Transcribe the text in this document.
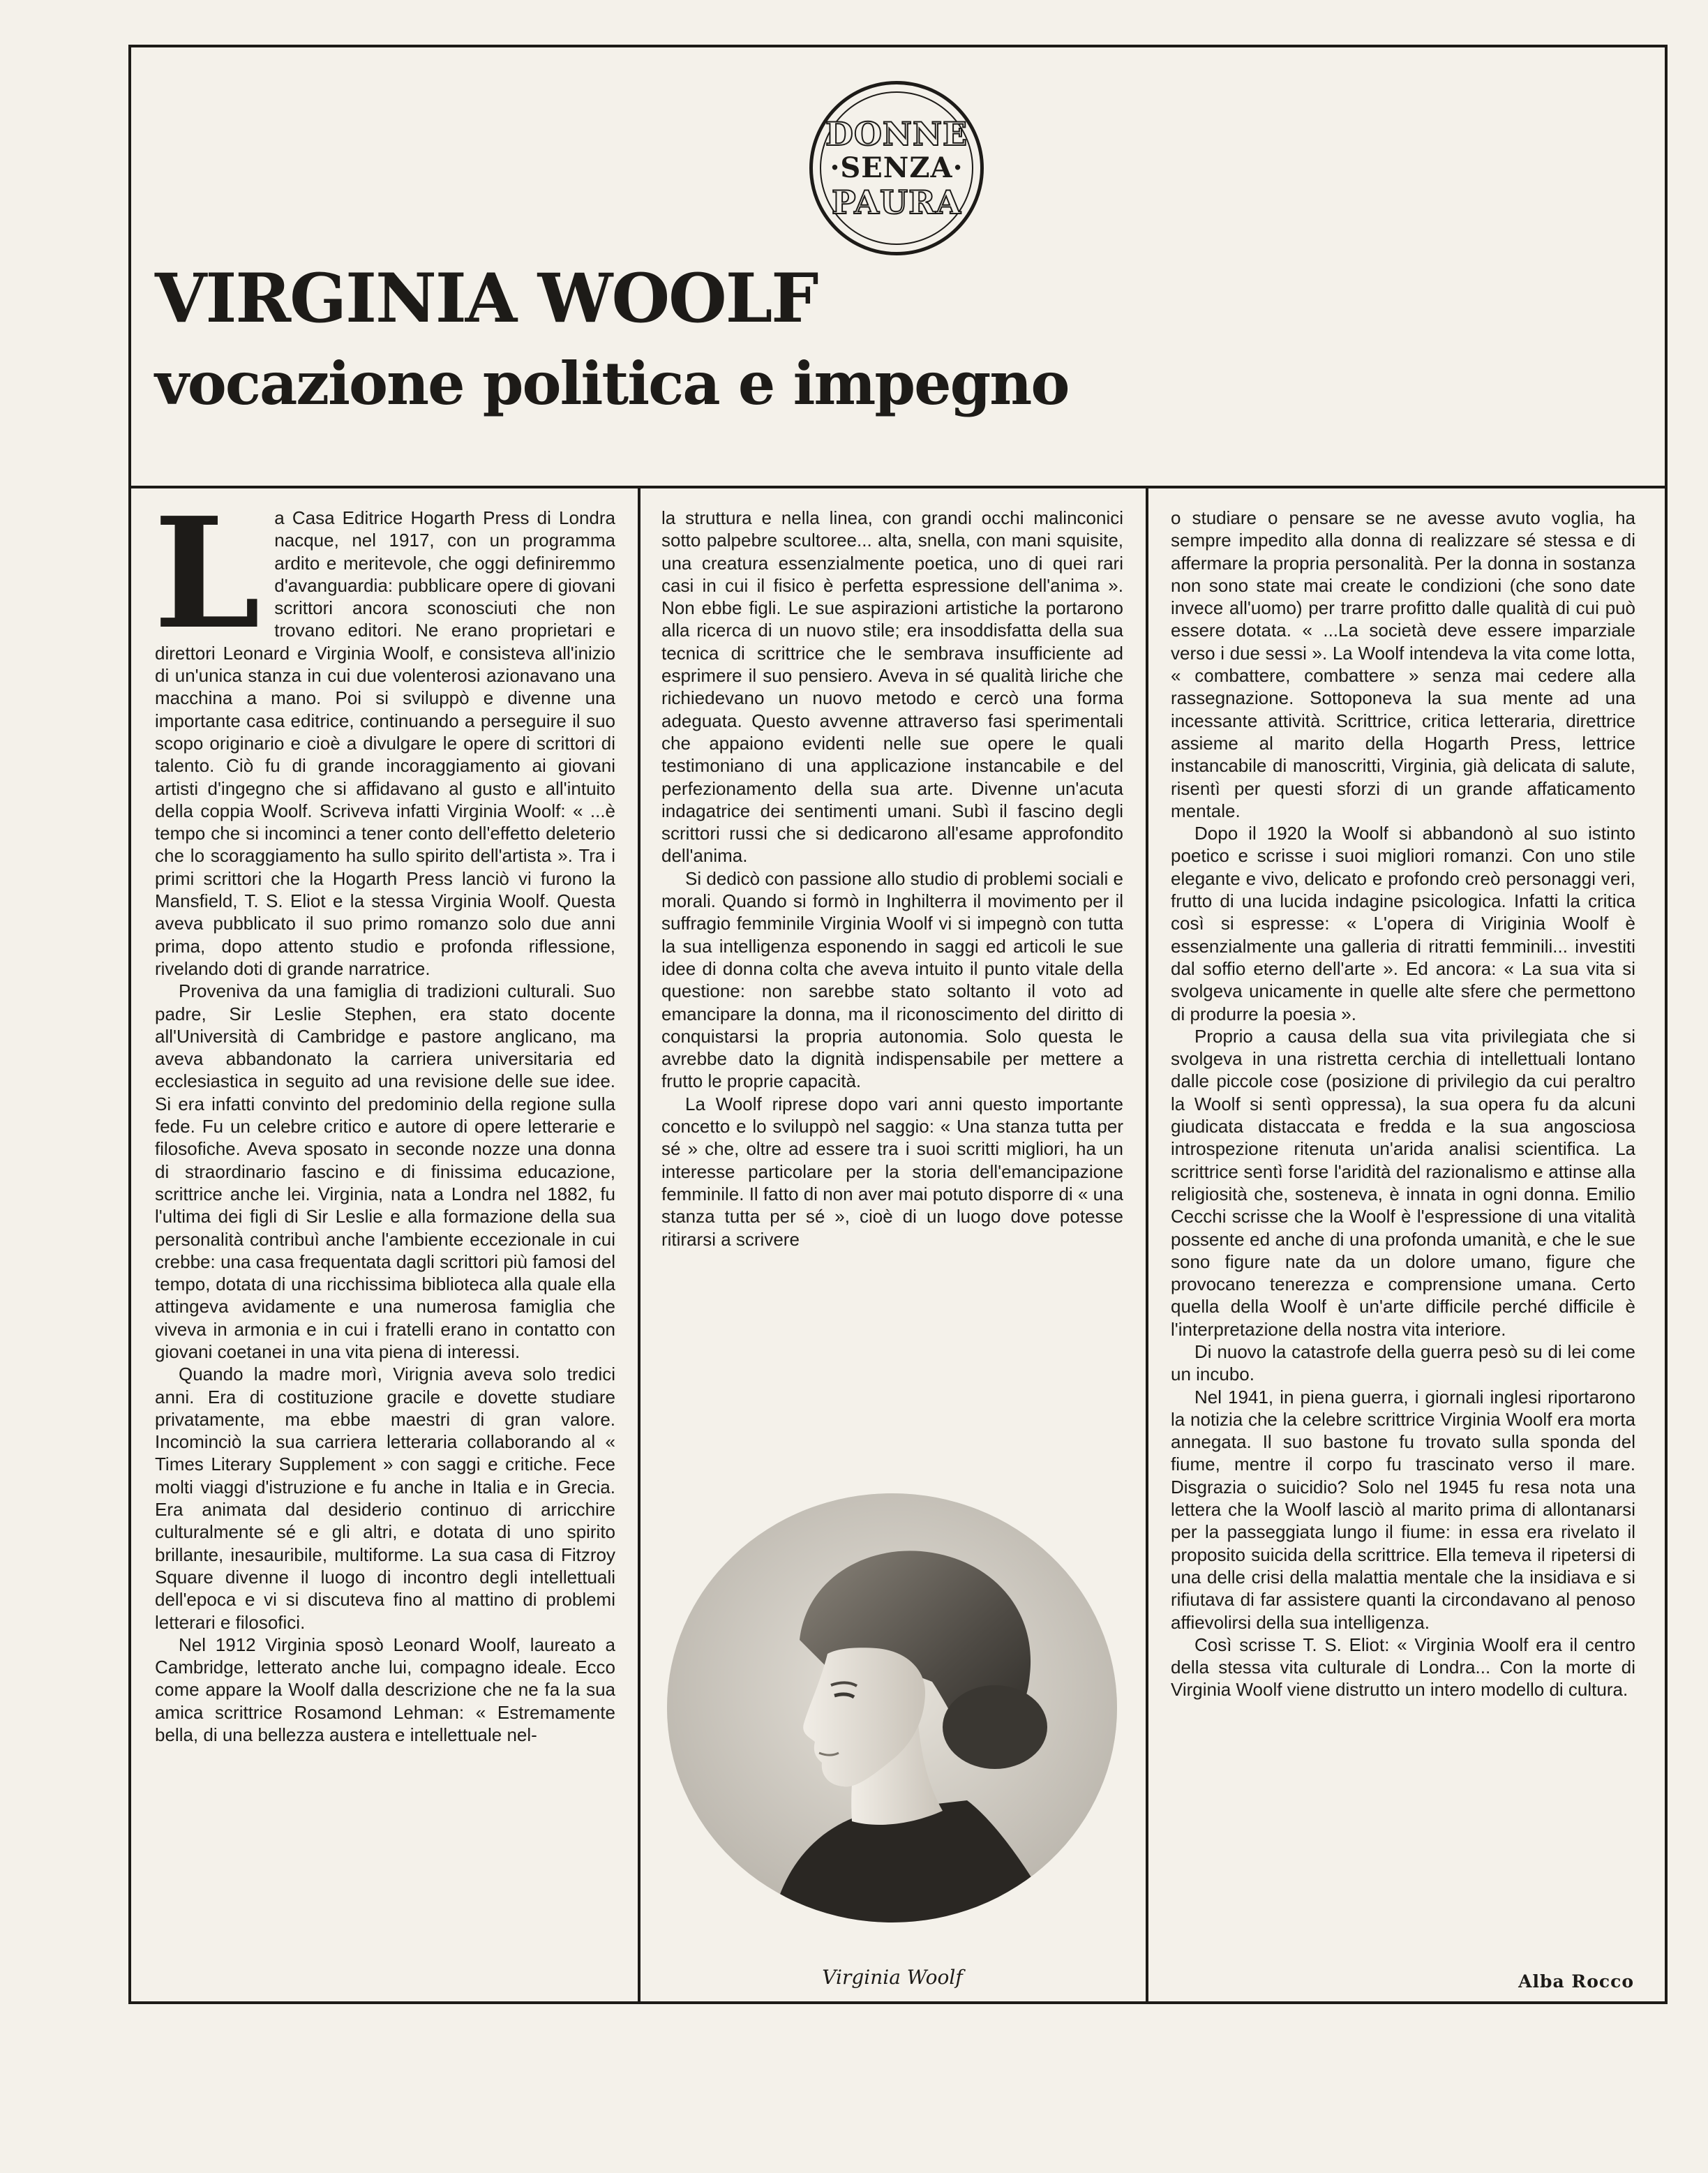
DONNE
·SENZA·
PAURA
VIRGINIA WOOLF
vocazione politica e impegno

La Casa Editrice Hogarth Press di Londra nacque, nel 1917, con un programma ardito e meritevole, che oggi definiremmo d'avanguardia: pubblicare opere di giovani scrittori ancora sconosciuti che non trovano editori. Ne erano proprietari e direttori Leonard e Virginia Woolf, e consisteva all'inizio di un'unica stanza in cui due volenterosi azionavano una macchina a mano. Poi si sviluppò e divenne una importante casa editrice, continuando a perseguire il suo scopo originario e cioè a divulgare le opere di scrittori di talento. Ciò fu di grande incoraggiamento ai giovani artisti d'ingegno che si affidavano al gusto e all'intuito della coppia Woolf. Scriveva infatti Virginia Woolf: « ...è tempo che si incominci a tener conto dell'effetto deleterio che lo scoraggiamento ha sullo spirito dell'artista ». Tra i primi scrittori che la Hogarth Press lanciò vi furono la Mansfield, T. S. Eliot e la stessa Virginia Woolf. Questa aveva pubblicato il suo primo romanzo solo due anni prima, dopo attento studio e profonda riflessione, rivelando doti di grande narratrice.

Proveniva da una famiglia di tradizioni culturali. Suo padre, Sir Leslie Stephen, era stato docente all'Università di Cambridge e pastore anglicano, ma aveva abbandonato la carriera universitaria ed ecclesiastica in seguito ad una revisione delle sue idee. Si era infatti convinto del predominio della regione sulla fede. Fu un celebre critico e autore di opere letterarie e filosofiche. Aveva sposato in seconde nozze una donna di straordinario fascino e di finissima educazione, scrittrice anche lei. Virginia, nata a Londra nel 1882, fu l'ultima dei figli di Sir Leslie e alla formazione della sua personalità contribuì anche l'ambiente eccezionale in cui crebbe: una casa frequentata dagli scrittori più famosi del tempo, dotata di una ricchissima biblioteca alla quale ella attingeva avidamente e una numerosa famiglia che viveva in armonia e in cui i fratelli erano in contatto con giovani coetanei in una vita piena di interessi.

Quando la madre morì, Virignia aveva solo tredici anni. Era di costituzione gracile e dovette studiare privatamente, ma ebbe maestri di gran valore. Incominciò la sua carriera letteraria collaborando al « Times Literary Supplement » con saggi e critiche. Fece molti viaggi d'istruzione e fu anche in Italia e in Grecia. Era animata dal desiderio continuo di arricchire culturalmente sé e gli altri, e dotata di uno spirito brillante, inesauribile, multiforme. La sua casa di Fitzroy Square divenne il luogo di incontro degli intellettuali dell'epoca e vi si discuteva fino al mattino di problemi letterari e filosofici.

Nel 1912 Virginia sposò Leonard Woolf, laureato a Cambridge, letterato anche lui, compagno ideale. Ecco come appare la Woolf dalla descrizione che ne fa la sua amica scrittrice Rosamond Lehman: « Estremamente bella, di una bellezza austera e intellettuale nel-

la struttura e nella linea, con grandi occhi malinconici sotto palpebre scultoree... alta, snella, con mani squisite, una creatura essenzialmente poetica, uno di quei rari casi in cui il fisico è perfetta espressione dell'anima ». Non ebbe figli. Le sue aspirazioni artistiche la portarono alla ricerca di un nuovo stile; era insoddisfatta della sua tecnica di scrittrice che le sembrava insufficiente ad esprimere il suo pensiero. Aveva in sé qualità liriche che richiedevano un nuovo metodo e cercò una forma adeguata. Questo avvenne attraverso fasi sperimentali che appaiono evidenti nelle sue opere le quali testimoniano di una applicazione instancabile e del perfezionamento della sua arte. Divenne un'acuta indagatrice dei sentimenti umani. Subì il fascino degli scrittori russi che si dedicarono all'esame approfondito dell'anima.

Si dedicò con passione allo studio di problemi sociali e morali. Quando si formò in Inghilterra il movimento per il suffragio femminile Virginia Woolf vi si impegnò con tutta la sua intelligenza esponendo in saggi ed articoli le sue idee di donna colta che aveva intuito il punto vitale della questione: non sarebbe stato soltanto il voto ad emancipare la donna, ma il riconoscimento del diritto di conquistarsi la propria autonomia. Solo questa le avrebbe dato la dignità indispensabile per mettere a frutto le proprie capacità.

La Woolf riprese dopo vari anni questo importante concetto e lo sviluppò nel saggio: « Una stanza tutta per sé » che, oltre ad essere tra i suoi scritti migliori, ha un interesse particolare per la storia dell'emancipazione femminile. Il fatto di non aver mai potuto disporre di « una stanza tutta per sé », cioè di un luogo dove potesse ritirarsi a scrivere

Virginia Woolf

o studiare o pensare se ne avesse avuto voglia, ha sempre impedito alla donna di realizzare sé stessa e di affermare la propria personalità. Per la donna in sostanza non sono state mai create le condizioni (che sono date invece all'uomo) per trarre profitto dalle qualità di cui può essere dotata. « ...La società deve essere imparziale verso i due sessi ». La Woolf intendeva la vita come lotta, « combattere, combattere » senza mai cedere alla rassegnazione. Sottoponeva la sua mente ad una incessante attività. Scrittrice, critica letteraria, direttrice assieme al marito della Hogarth Press, lettrice instancabile di manoscritti, Virginia, già delicata di salute, risentì per questi sforzi di un grande affaticamento mentale.

Dopo il 1920 la Woolf si abbandonò al suo istinto poetico e scrisse i suoi migliori romanzi. Con uno stile elegante e vivo, delicato e profondo creò personaggi veri, frutto di una lucida indagine psicologica. Infatti la critica così si espresse: « L'opera di Viriginia Woolf è essenzialmente una galleria di ritratti femminili... investiti dal soffio eterno dell'arte ». Ed ancora: « La sua vita si svolgeva unicamente in quelle alte sfere che permettono di produrre la poesia ».

Proprio a causa della sua vita privilegiata che si svolgeva in una ristretta cerchia di intellettuali lontano dalle piccole cose (posizione di privilegio da cui peraltro la Woolf si sentì oppressa), la sua opera fu da alcuni giudicata distaccata e fredda e la sua angosciosa introspezione ritenuta un'arida analisi scientifica. La scrittrice sentì forse l'aridità del razionalismo e attinse alla religiosità che, sosteneva, è innata in ogni donna. Emilio Cecchi scrisse che la Woolf è l'espressione di una vitalità possente ed anche di una profonda umanità, e che le sue sono figure nate da un dolore umano, figure che provocano tenerezza e comprensione umana. Certo quella della Woolf è un'arte difficile perché difficile è l'interpretazione della nostra vita interiore.

Di nuovo la catastrofe della guerra pesò su di lei come un incubo.

Nel 1941, in piena guerra, i giornali inglesi riportarono la notizia che la celebre scrittrice Virginia Woolf era morta annegata. Il suo bastone fu trovato sulla sponda del fiume, mentre il corpo fu trascinato verso il mare. Disgrazia o suicidio? Solo nel 1945 fu resa nota una lettera che la Woolf lasciò al marito prima di allontanarsi per la passeggiata lungo il fiume: in essa era rivelato il proposito suicida della scrittrice. Ella temeva il ripetersi di una delle crisi della malattia mentale che la insidiava e si rifiutava di far assistere quanti la circondavano al penoso affievolirsi della sua intelligenza.

Così scrisse T. S. Eliot: « Virginia Woolf era il centro della stessa vita culturale di Londra... Con la morte di Virginia Woolf viene distrutto un intero modello di cultura.

Alba Rocco
